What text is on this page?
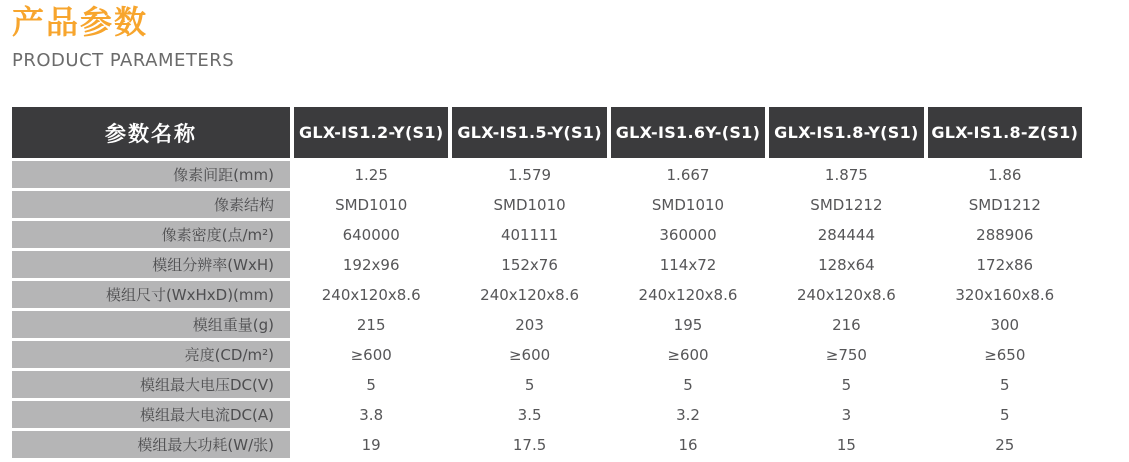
产品参数
PRODUCT PARAMETERS
参数名称	GLX-IS1.2-Y(S1) GLX-IS1.5-Y(S1) GLX-IS1.6Y-(S1) GLX-IS1.8-Y(S1) GLX-IS1.8-Z(S1)
像素间距(mm)	1.25	1.579	1.667	1.875	1.86
像素结构	SMD1010	SMD1010	SMD1010	SMD1212	SMD1212
像素密度(点/m²)	640000	401111	360000	284444	288906
模组分辨率(WxH)	192x96	152x76	114x72	128x64	172x86
模组尺寸(WxHxD)(mm)	240x120x8.6	240x120x8.6	240x120x8.6	240x120x8.6	320x160x8.6
模组重量(g)	215	203	195	216	300
亮度(CD/m²)	≥600	≥600	≥600	≥750	≥650
模组最大电压DC(V)	5	5	5	5	5
模组最大电流DC(A)	3.8	3.5	3.2	3	5
模组最大功耗(W/张)	19	17.5	16	15	25
